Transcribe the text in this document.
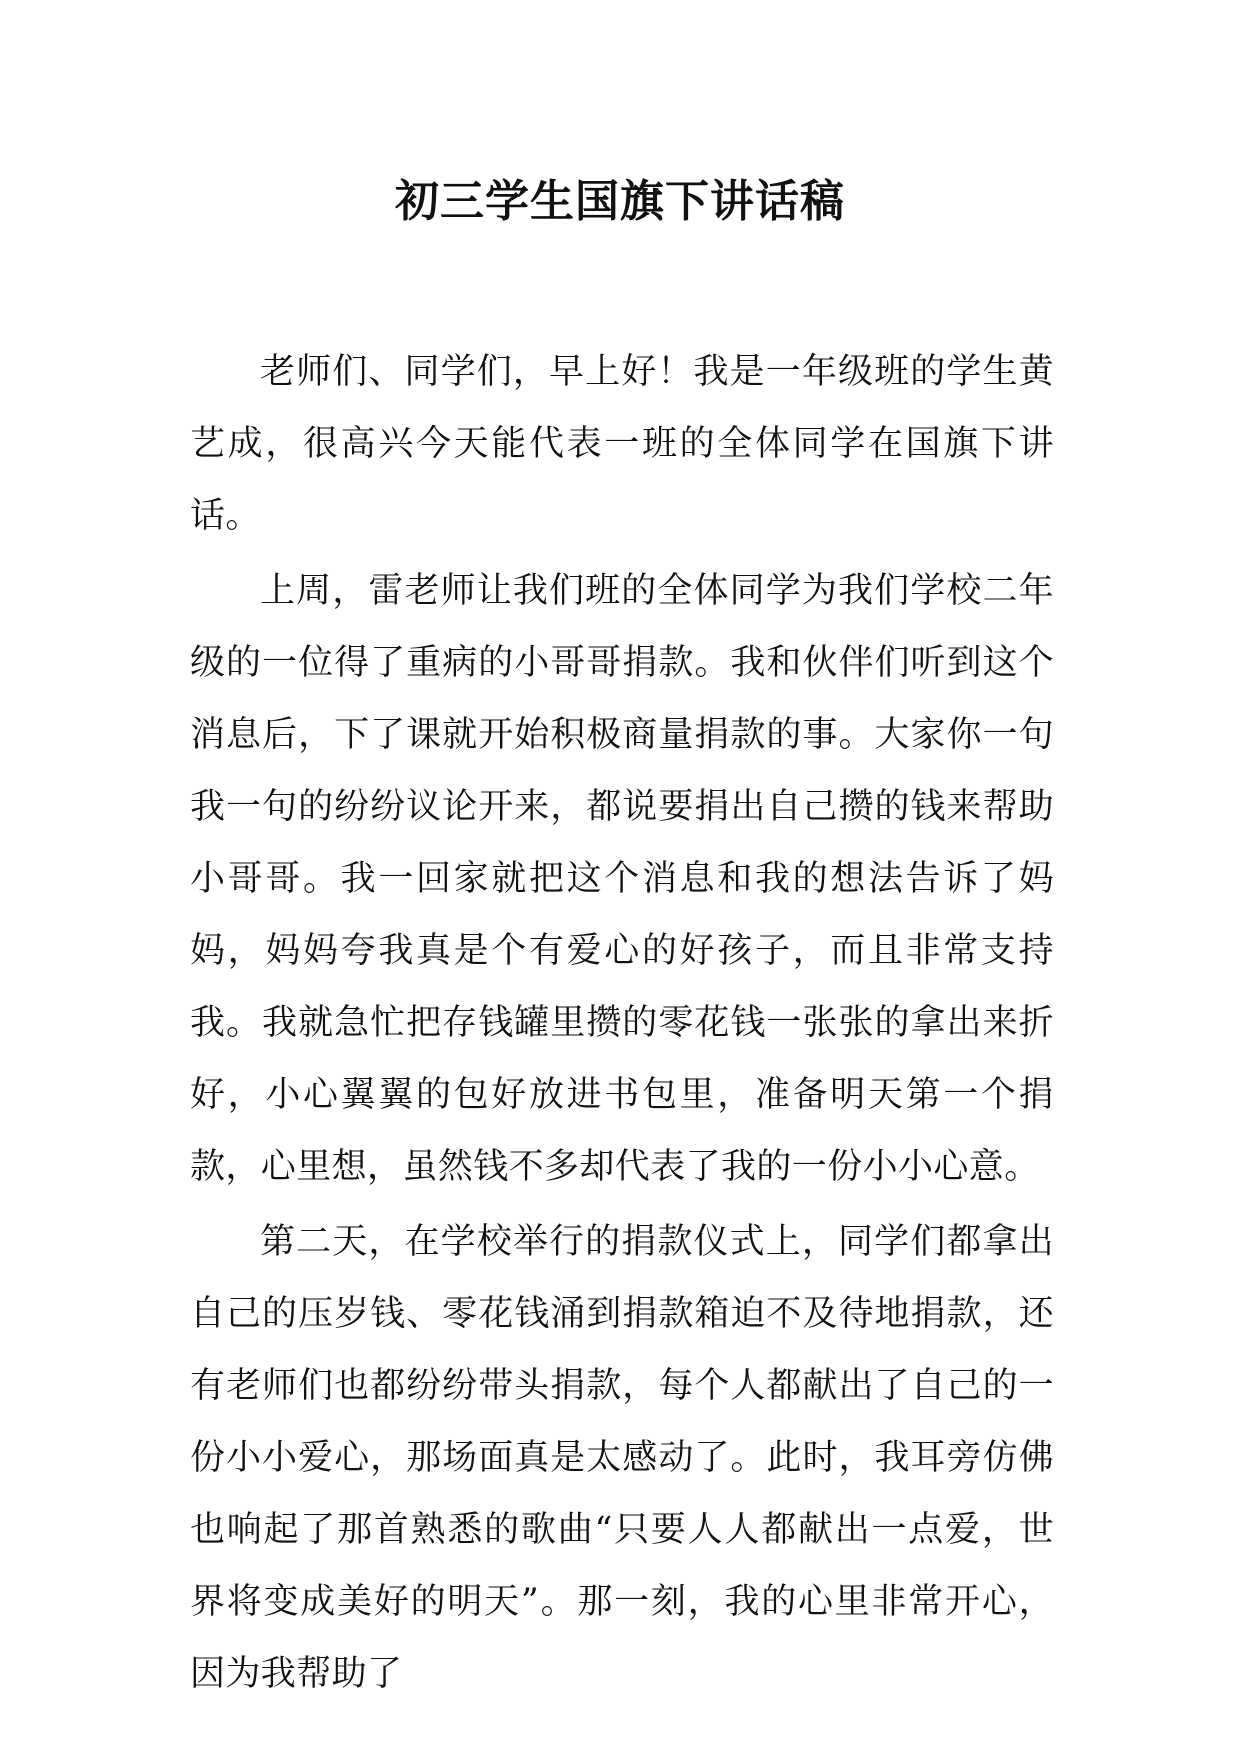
初三学生国旗下讲话稿

老师们、同学们，早上好！我是一年级班的学生黄艺成，很高兴今天能代表一班的全体同学在国旗下讲话。

上周，雷老师让我们班的全体同学为我们学校二年级的一位得了重病的小哥哥捐款。我和伙伴们听到这个消息后，下了课就开始积极商量捐款的事。大家你一句我一句的纷纷议论开来，都说要捐出自己攒的钱来帮助小哥哥。我一回家就把这个消息和我的想法告诉了妈妈，妈妈夸我真是个有爱心的好孩子，而且非常支持我。我就急忙把存钱罐里攒的零花钱一张张的拿出来折好，小心翼翼的包好放进书包里，准备明天第一个捐款，心里想，虽然钱不多却代表了我的一份小小心意。

第二天，在学校举行的捐款仪式上，同学们都拿出自己的压岁钱、零花钱涌到捐款箱迫不及待地捐款，还有老师们也都纷纷带头捐款，每个人都献出了自己的一份小小爱心，那场面真是太感动了。此时，我耳旁仿佛也响起了那首熟悉的歌曲“只要人人都献出一点爱，世界将变成美好的明天”。那一刻，我的心里非常开心，因为我帮助了
